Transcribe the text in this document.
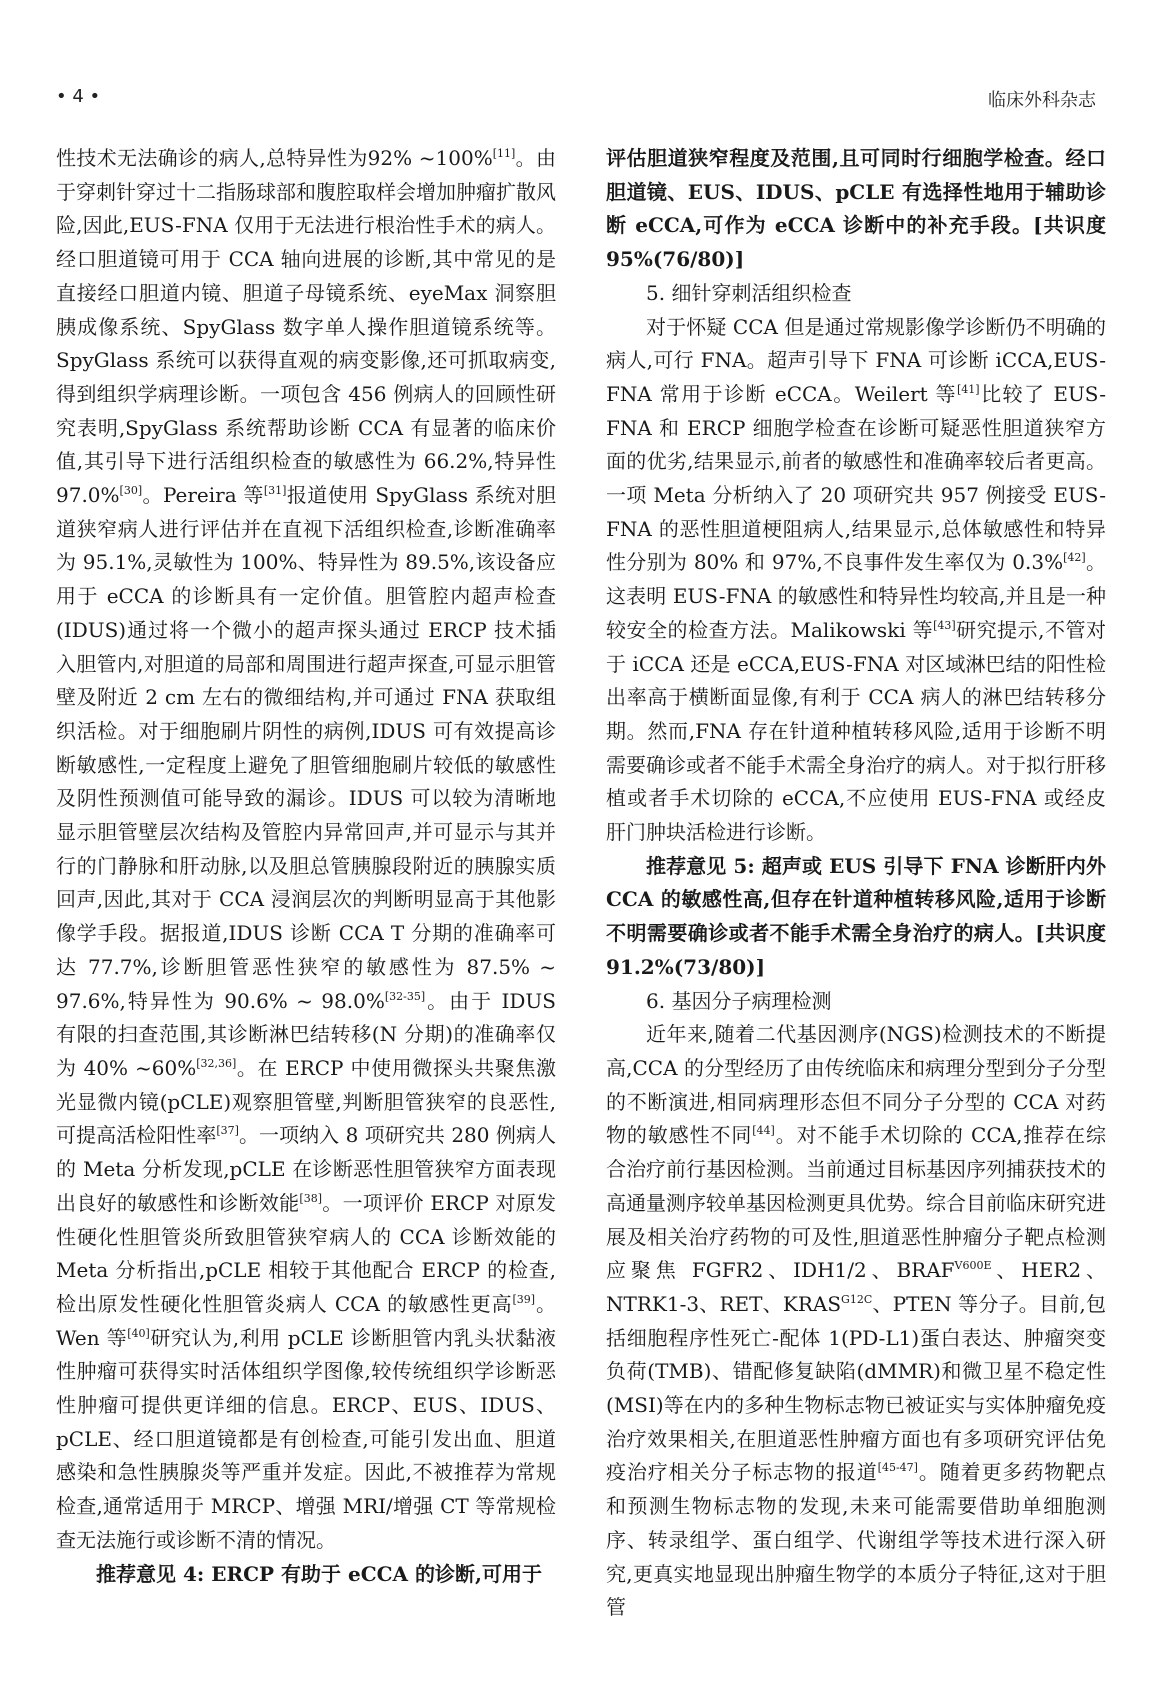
• 4 •	临床外科杂志

性技术无法确诊的病人,总特异性为92% ~100%[11]。由于穿刺针穿过十二指肠球部和腹腔取样会增加肿瘤扩散风险,因此,EUS-FNA 仅用于无法进行根治性手术的病人。经口胆道镜可用于 CCA 轴向进展的诊断,其中常见的是直接经口胆道内镜、胆道子母镜系统、eyeMax 洞察胆胰成像系统、SpyGlass 数字单人操作胆道镜系统等。SpyGlass 系统可以获得直观的病变影像,还可抓取病变,得到组织学病理诊断。一项包含 456 例病人的回顾性研究表明,SpyGlass 系统帮助诊断 CCA 有显著的临床价值,其引导下进行活组织检查的敏感性为 66.2%,特异性 97.0%[30]。Pereira 等[31]报道使用 SpyGlass 系统对胆道狭窄病人进行评估并在直视下活组织检查,诊断准确率为 95.1%,灵敏性为 100%、特异性为 89.5%,该设备应用于 eCCA 的诊断具有一定价值。胆管腔内超声检查(IDUS)通过将一个微小的超声探头通过 ERCP 技术插入胆管内,对胆道的局部和周围进行超声探查,可显示胆管壁及附近 2 cm 左右的微细结构,并可通过 FNA 获取组织活检。对于细胞刷片阴性的病例,IDUS 可有效提高诊断敏感性,一定程度上避免了胆管细胞刷片较低的敏感性及阴性预测值可能导致的漏诊。IDUS 可以较为清晰地显示胆管壁层次结构及管腔内异常回声,并可显示与其并行的门静脉和肝动脉,以及胆总管胰腺段附近的胰腺实质回声,因此,其对于 CCA 浸润层次的判断明显高于其他影像学手段。据报道,IDUS 诊断 CCA T 分期的准确率可达 77.7%,诊断胆管恶性狭窄的敏感性为 87.5% ~ 97.6%,特异性为 90.6% ~ 98.0%[32-35]。由于 IDUS 有限的扫查范围,其诊断淋巴结转移(N 分期)的准确率仅为 40% ~60%[32,36]。在 ERCP 中使用微探头共聚焦激光显微内镜(pCLE)观察胆管壁,判断胆管狭窄的良恶性,可提高活检阳性率[37]。一项纳入 8 项研究共 280 例病人的 Meta 分析发现,pCLE 在诊断恶性胆管狭窄方面表现出良好的敏感性和诊断效能[38]。一项评价 ERCP 对原发性硬化性胆管炎所致胆管狭窄病人的 CCA 诊断效能的 Meta 分析指出,pCLE 相较于其他配合 ERCP 的检查,检出原发性硬化性胆管炎病人 CCA 的敏感性更高[39]。Wen 等[40]研究认为,利用 pCLE 诊断胆管内乳头状黏液性肿瘤可获得实时活体组织学图像,较传统组织学诊断恶性肿瘤可提供更详细的信息。ERCP、EUS、IDUS、pCLE、经口胆道镜都是有创检查,可能引发出血、胆道感染和急性胰腺炎等严重并发症。因此,不被推荐为常规检查,通常适用于 MRCP、增强 MRI/增强 CT 等常规检查无法施行或诊断不清的情况。

推荐意见 4: ERCP 有助于 eCCA 的诊断,可用于

评估胆道狭窄程度及范围,且可同时行细胞学检查。经口胆道镜、EUS、IDUS、pCLE 有选择性地用于辅助诊断 eCCA,可作为 eCCA 诊断中的补充手段。[共识度 95%(76/80)]

5. 细针穿刺活组织检查

对于怀疑 CCA 但是通过常规影像学诊断仍不明确的病人,可行 FNA。超声引导下 FNA 可诊断 iCCA,EUS-FNA 常用于诊断 eCCA。Weilert 等[41]比较了 EUS-FNA 和 ERCP 细胞学检查在诊断可疑恶性胆道狭窄方面的优劣,结果显示,前者的敏感性和准确率较后者更高。一项 Meta 分析纳入了 20 项研究共 957 例接受 EUS-FNA 的恶性胆道梗阻病人,结果显示,总体敏感性和特异性分别为 80% 和 97%,不良事件发生率仅为 0.3%[42]。这表明 EUS-FNA 的敏感性和特异性均较高,并且是一种较安全的检查方法。Malikowski 等[43]研究提示,不管对于 iCCA 还是 eCCA,EUS-FNA 对区域淋巴结的阳性检出率高于横断面显像,有利于 CCA 病人的淋巴结转移分期。然而,FNA 存在针道种植转移风险,适用于诊断不明需要确诊或者不能手术需全身治疗的病人。对于拟行肝移植或者手术切除的 eCCA,不应使用 EUS-FNA 或经皮肝门肿块活检进行诊断。

推荐意见 5: 超声或 EUS 引导下 FNA 诊断肝内外 CCA 的敏感性高,但存在针道种植转移风险,适用于诊断不明需要确诊或者不能手术需全身治疗的病人。[共识度 91.2%(73/80)]

6. 基因分子病理检测

近年来,随着二代基因测序(NGS)检测技术的不断提高,CCA 的分型经历了由传统临床和病理分型到分子分型的不断演进,相同病理形态但不同分子分型的 CCA 对药物的敏感性不同[44]。对不能手术切除的 CCA,推荐在综合治疗前行基因检测。当前通过目标基因序列捕获技术的高通量测序较单基因检测更具优势。综合目前临床研究进展及相关治疗药物的可及性,胆道恶性肿瘤分子靶点检测应聚焦 FGFR2、IDH1/2、$BRAF^{V600E}$、HER2、NTRK1-3、RET、$KRAS^{G12C}$、PTEN 等分子。目前,包括细胞程序性死亡-配体 1(PD-L1)蛋白表达、肿瘤突变负荷(TMB)、错配修复缺陷(dMMR)和微卫星不稳定性(MSI)等在内的多种生物标志物已被证实与实体肿瘤免疫治疗效果相关,在胆道恶性肿瘤方面也有多项研究评估免疫治疗相关分子标志物的报道[45-47]。随着更多药物靶点和预测生物标志物的发现,未来可能需要借助单细胞测序、转录组学、蛋白组学、代谢组学等技术进行深入研究,更真实地显现出肿瘤生物学的本质分子特征,这对于胆管
